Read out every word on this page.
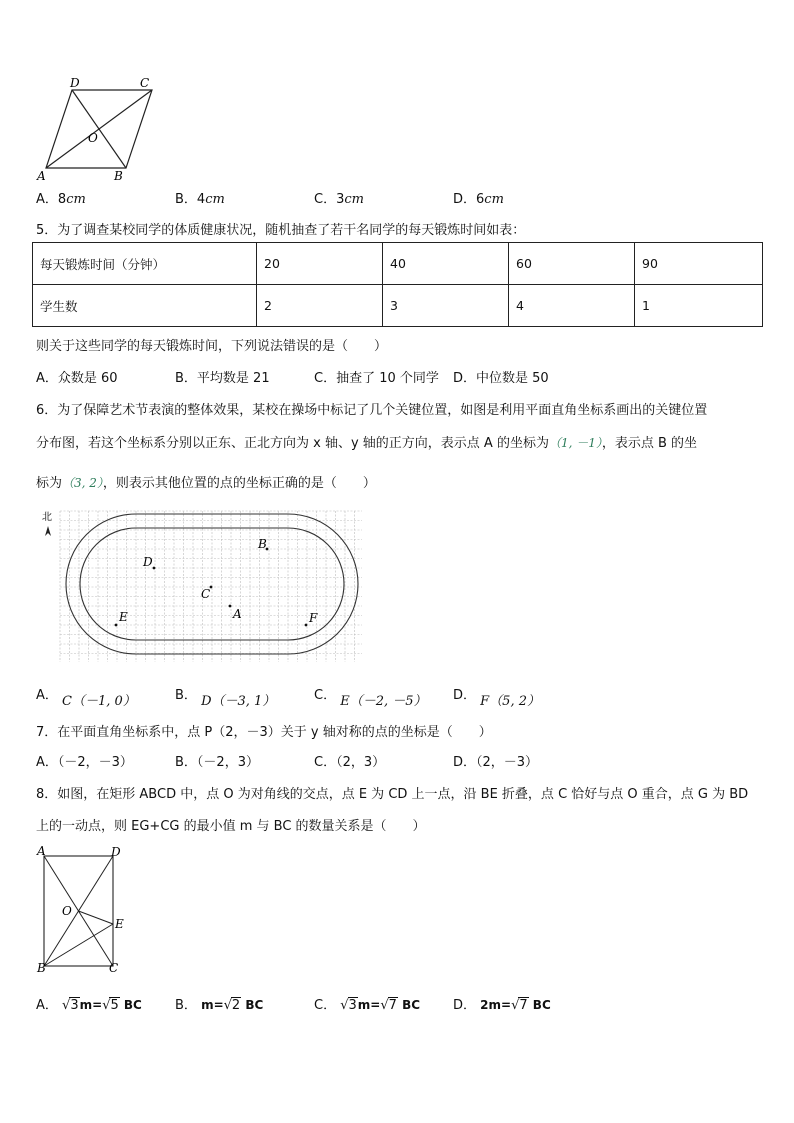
D	C
O
A	B
A．8cm	B．4cm	C．3cm	D．6cm
5．为了调查某校同学的体质健康状况，随机抽查了若干名同学的每天锻炼时间如表：
每天锻炼时间（分钟）	20	40	60	90
学生数	2	3	4	1
则关于这些同学的每天锻炼时间，下列说法错误的是（　　）
A．众数是 60	B．平均数是 21	C．抽查了 10 个同学 D．中位数是 50
6．为了保障艺术节表演的整体效果，某校在操场中标记了几个关键位置，如图是利用平面直角坐标系画出的关键位置
分布图，若这个坐标系分别以正东、正北方向为 x 轴、y 轴的正方向，表示点 A 的坐标为（1, －1），表示点 B 的坐
标为（3, 2），则表示其他位置的点的坐标正确的是（　　）
北
B
D
C
A
E	F
A． C（－1, 0）	B． D（－3, 1）	C． E（－2, －5） D． F（5, 2）
7．在平面直角坐标系中，点 P（2，－3）关于 y 轴对称的点的坐标是（　　）
A．（－2，－3）	B．（－2，3）	C．（2，3）	D．（2，－3）
8．如图，在矩形 ABCD 中，点 O 为对角线的交点，点 E 为 CD 上一点，沿 BE 折叠，点 C 恰好与点 O 重合，点 G 为 BD
上的一动点，则 EG+CG 的最小值 m 与 BC 的数量关系是（　　）
A	D
O
E
B	C
A． √3m=√5 BC	B． m=√2 BC	C． √3m=√7 BC	D． 2m=√7 BC
